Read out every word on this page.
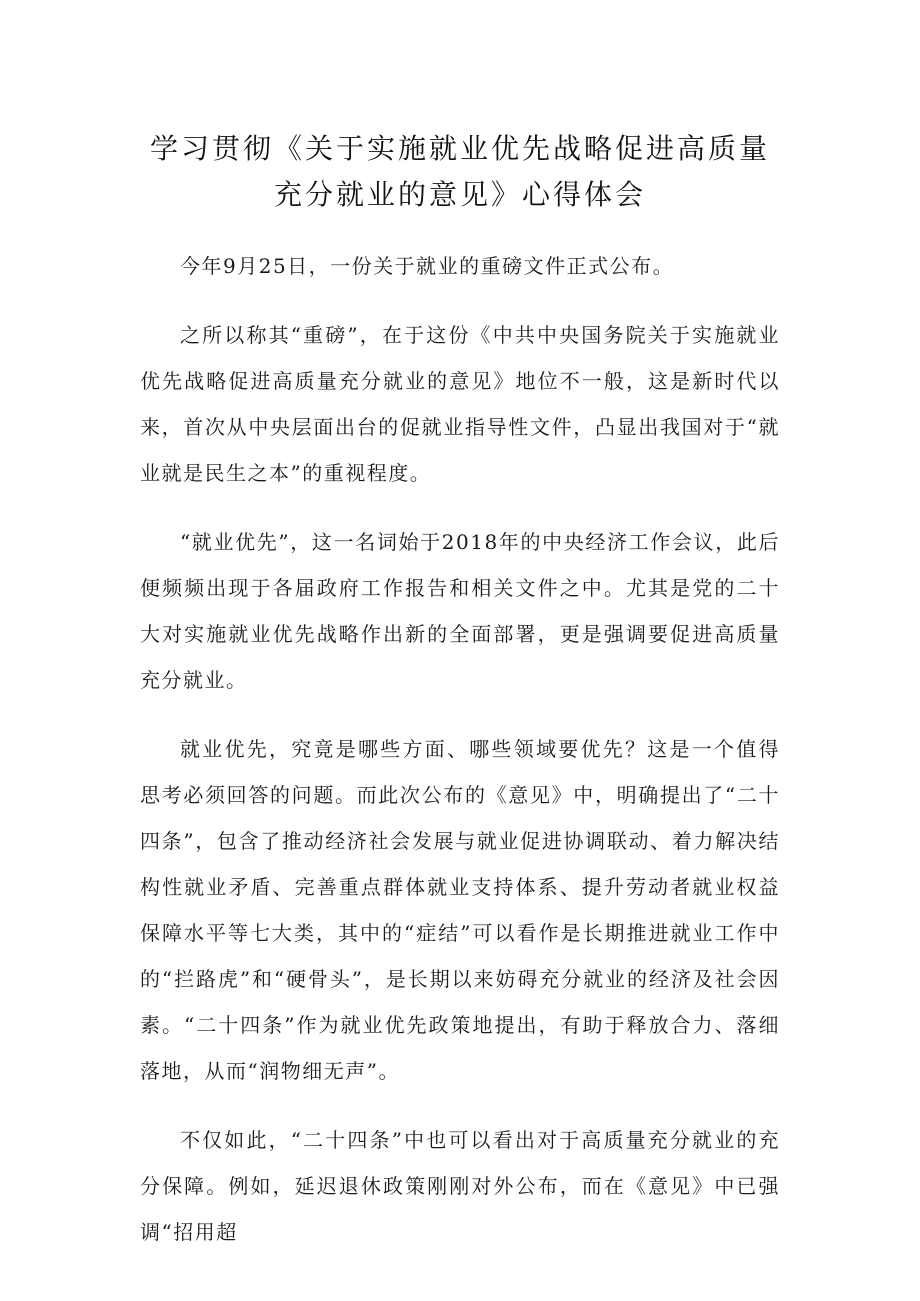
学习贯彻《关于实施就业优先战略促进高质量充分就业的意见》心得体会

今年9月25日，一份关于就业的重磅文件正式公布。

之所以称其“重磅”，在于这份《中共中央国务院关于实施就业优先战略促进高质量充分就业的意见》地位不一般，这是新时代以来，首次从中央层面出台的促就业指导性文件，凸显出我国对于“就业就是民生之本”的重视程度。

“就业优先”，这一名词始于2018年的中央经济工作会议，此后便频频出现于各届政府工作报告和相关文件之中。尤其是党的二十大对实施就业优先战略作出新的全面部署，更是强调要促进高质量充分就业。

就业优先，究竟是哪些方面、哪些领域要优先？这是一个值得思考必须回答的问题。而此次公布的《意见》中，明确提出了“二十四条”，包含了推动经济社会发展与就业促进协调联动、着力解决结构性就业矛盾、完善重点群体就业支持体系、提升劳动者就业权益保障水平等七大类，其中的“症结”可以看作是长期推进就业工作中的“拦路虎”和“硬骨头”，是长期以来妨碍充分就业的经济及社会因素。“二十四条”作为就业优先政策地提出，有助于释放合力、落细落地，从而“润物细无声”。

不仅如此，“二十四条”中也可以看出对于高质量充分就业的充分保障。例如，延迟退休政策刚刚对外公布，而在《意见》中已强调“招用超
